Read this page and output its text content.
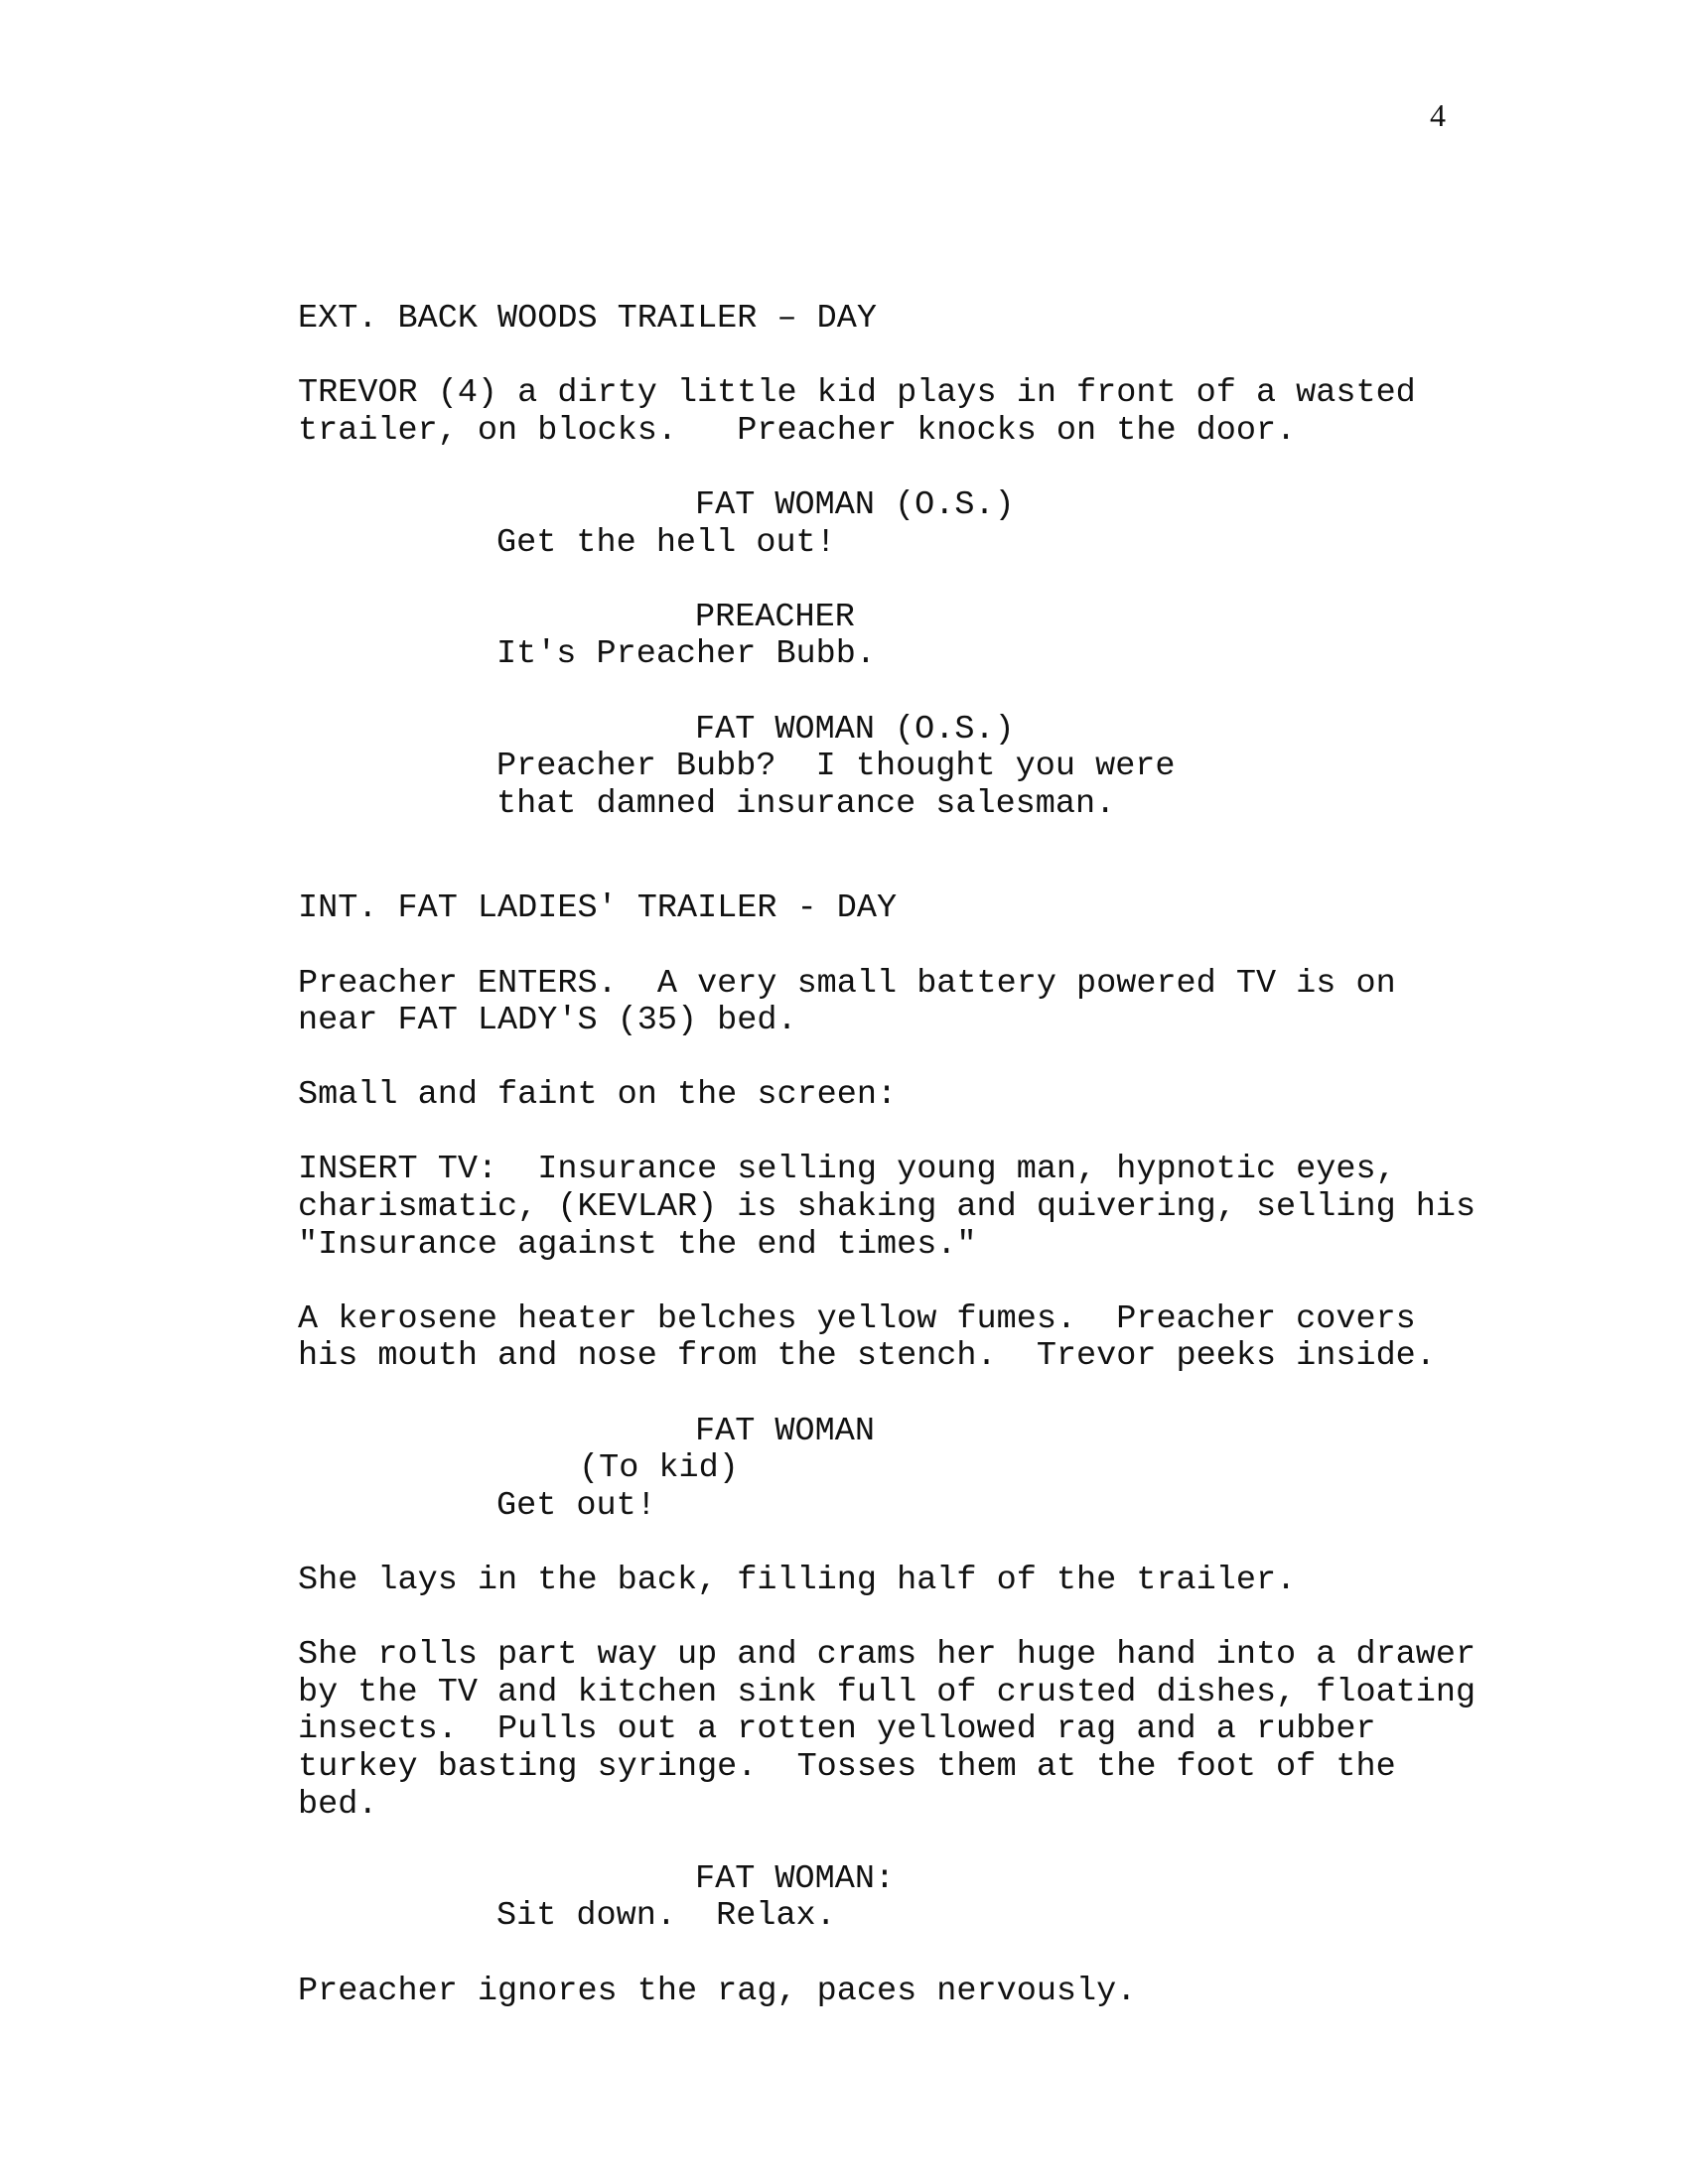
4

EXT. BACK WOODS TRAILER – DAY

TREVOR (4) a dirty little kid plays in front of a wasted
trailer, on blocks.   Preacher knocks on the door.

FAT WOMAN (O.S.)

Get the hell out!

PREACHER

It's Preacher Bubb.

FAT WOMAN (O.S.)

Preacher Bubb?  I thought you were
that damned insurance salesman.

INT. FAT LADIES' TRAILER - DAY

Preacher ENTERS.  A very small battery powered TV is on
near FAT LADY'S (35) bed.

Small and faint on the screen:

INSERT TV:  Insurance selling young man, hypnotic eyes,
charismatic, (KEVLAR) is shaking and quivering, selling his
"Insurance against the end times."

A kerosene heater belches yellow fumes.  Preacher covers
his mouth and nose from the stench.  Trevor peeks inside.

FAT WOMAN

(To kid)

Get out!

She lays in the back, filling half of the trailer.

She rolls part way up and crams her huge hand into a drawer
by the TV and kitchen sink full of crusted dishes, floating
insects.  Pulls out a rotten yellowed rag and a rubber
turkey basting syringe.  Tosses them at the foot of the
bed.

FAT WOMAN:

Sit down.  Relax.

Preacher ignores the rag, paces nervously.
